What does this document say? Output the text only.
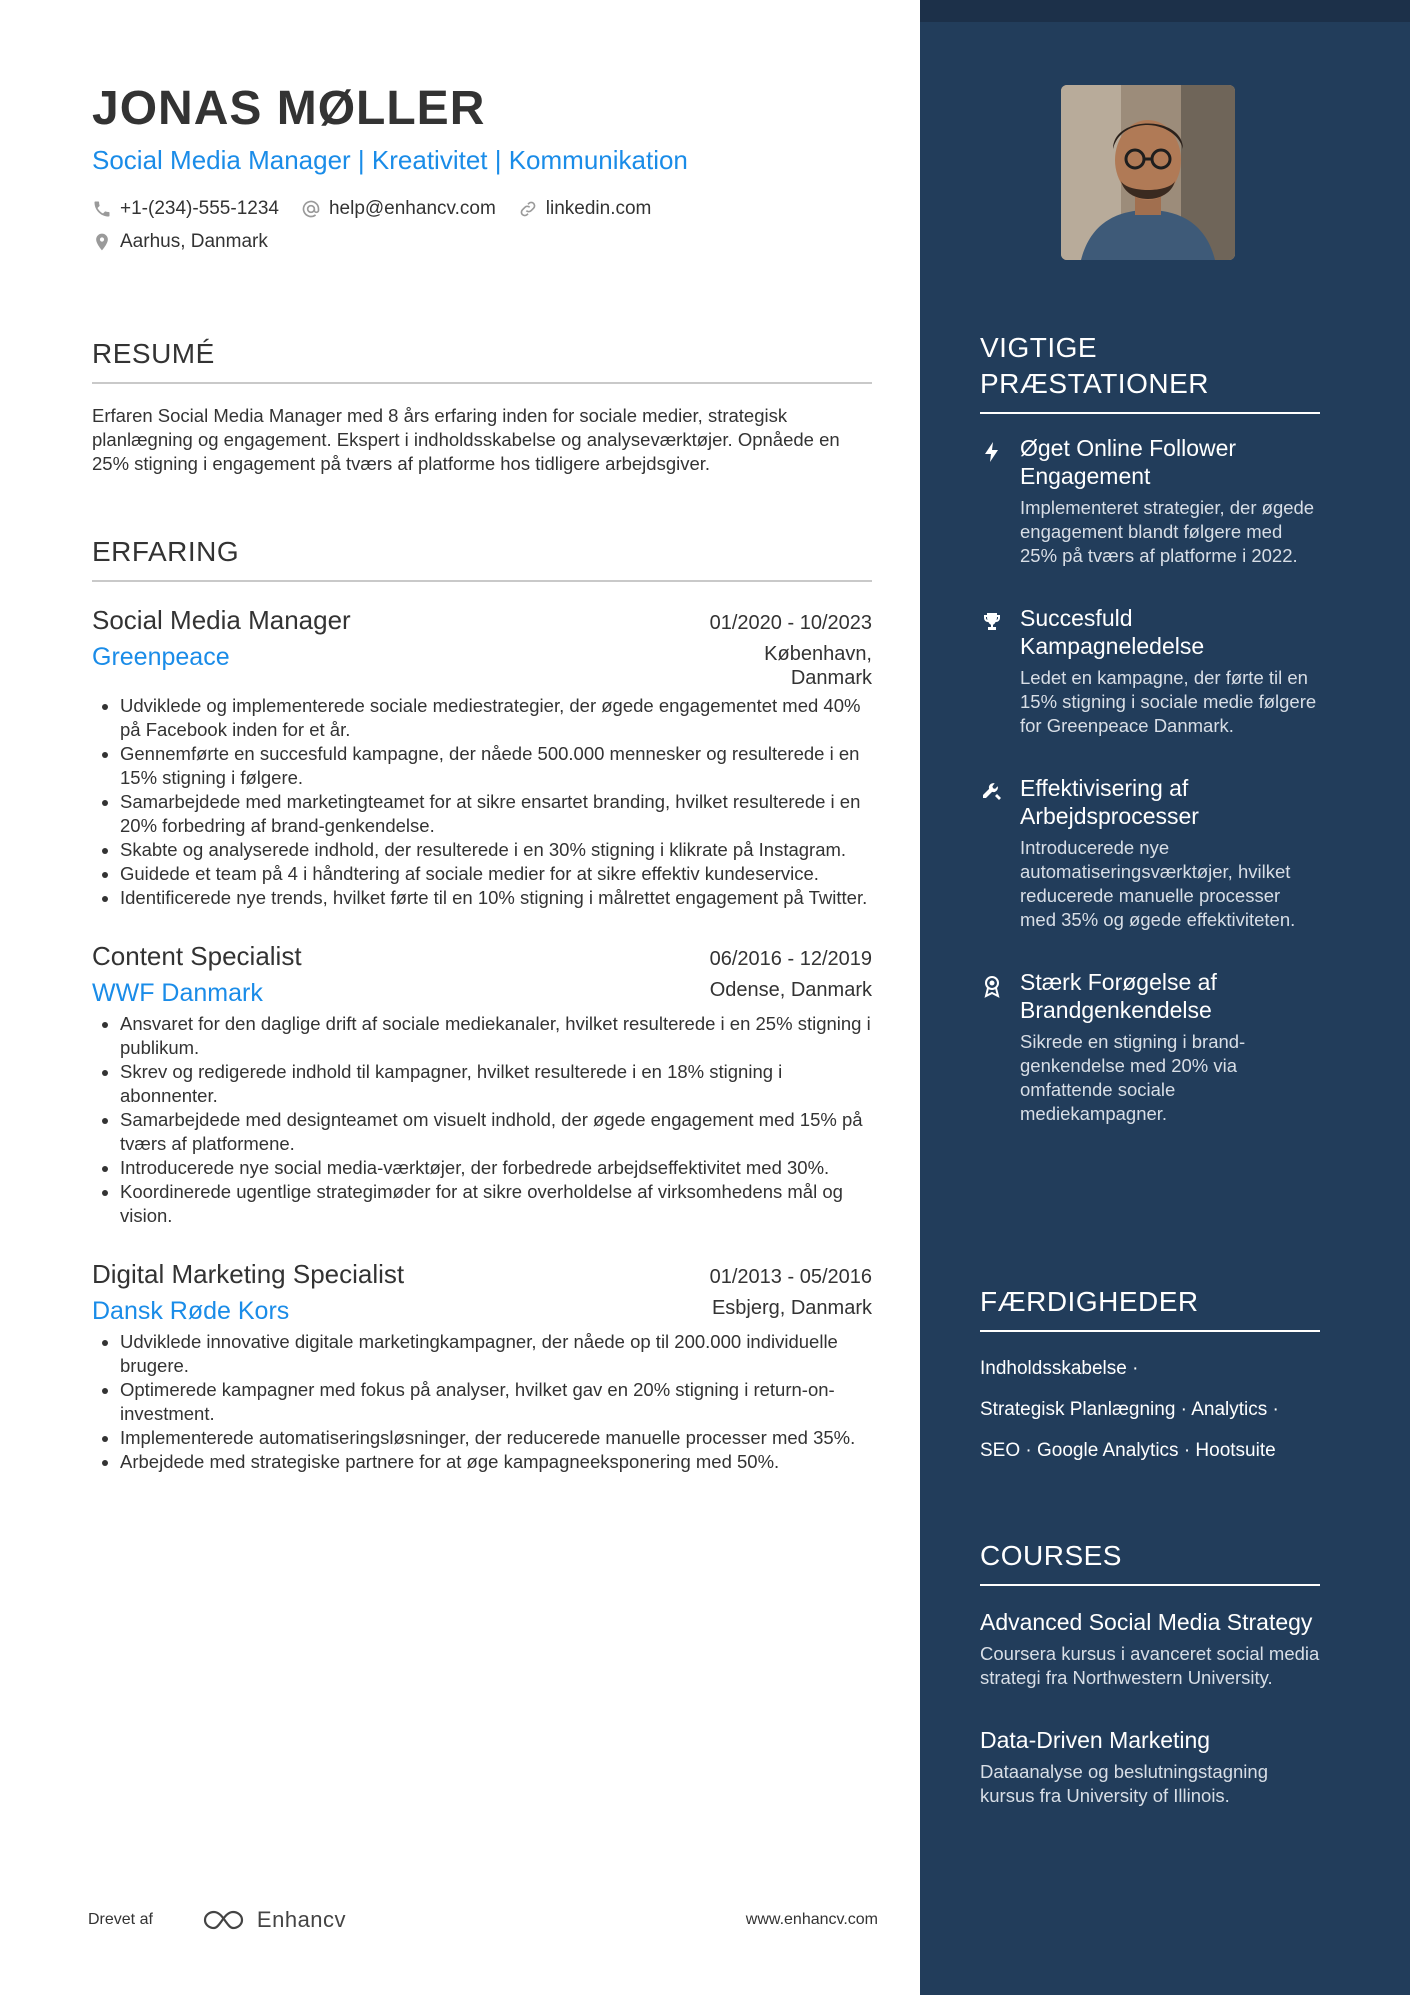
JONAS MØLLER
Social Media Manager | Kreativitet | Kommunikation
+1-(234)-555-1234	help@enhancv.com	linkedin.com
Aarhus, Danmark
RESUMÉ
Erfaren Social Media Manager med 8 års erfaring inden for sociale medier, strategisk planlægning og engagement. Ekspert i indholdsskabelse og analyseværktøjer. Opnåede en 25% stigning i engagement på tværs af platforme hos tidligere arbejdsgiver.
ERFARING
Social Media Manager	01/2020 - 10/2023
Greenpeace	København, Danmark
• Udviklede og implementerede sociale mediestrategier, der øgede engagementet med 40% på Facebook inden for et år.
• Gennemførte en succesfuld kampagne, der nåede 500.000 mennesker og resulterede i en 15% stigning i følgere.
• Samarbejdede med marketingteamet for at sikre ensartet branding, hvilket resulterede i en 20% forbedring af brand-genkendelse.
• Skabte og analyserede indhold, der resulterede i en 30% stigning i klikrate på Instagram.
• Guidede et team på 4 i håndtering af sociale medier for at sikre effektiv kundeservice.
• Identificerede nye trends, hvilket førte til en 10% stigning i målrettet engagement på Twitter.
Content Specialist	06/2016 - 12/2019
WWF Danmark	Odense, Danmark
• Ansvaret for den daglige drift af sociale mediekanaler, hvilket resulterede i en 25% stigning i publikum.
• Skrev og redigerede indhold til kampagner, hvilket resulterede i en 18% stigning i abonnenter.
• Samarbejdede med designteamet om visuelt indhold, der øgede engagement med 15% på tværs af platformene.
• Introducerede nye social media-værktøjer, der forbedrede arbejdseffektivitet med 30%.
• Koordinerede ugentlige strategimøder for at sikre overholdelse af virksomhedens mål og vision.
Digital Marketing Specialist	01/2013 - 05/2016
Dansk Røde Kors	Esbjerg, Danmark
• Udviklede innovative digitale marketingkampagner, der nåede op til 200.000 individuelle brugere.
• Optimerede kampagner med fokus på analyser, hvilket gav en 20% stigning i return-on-investment.
• Implementerede automatiseringsløsninger, der reducerede manuelle processer med 35%.
• Arbejdede med strategiske partnere for at øge kampagneeksponering med 50%.
Drevet af	Enhancv	www.enhancv.com
VIGTIGE PRÆSTATIONER
Øget Online Follower Engagement
Implementeret strategier, der øgede engagement blandt følgere med 25% på tværs af platforme i 2022.
Succesfuld Kampagneledelse
Ledet en kampagne, der førte til en 15% stigning i sociale medie følgere for Greenpeace Danmark.
Effektivisering af Arbejdsprocesser
Introducerede nye automatiseringsværktøjer, hvilket reducerede manuelle processer med 35% og øgede effektiviteten.
Stærk Forøgelse af Brandgenkendelse
Sikrede en stigning i brand-genkendelse med 20% via omfattende sociale mediekampagner.
FÆRDIGHEDER
Indholdsskabelse ·
Strategisk Planlægning · Analytics ·
SEO · Google Analytics · Hootsuite
COURSES
Advanced Social Media Strategy
Coursera kursus i avanceret social media strategi fra Northwestern University.
Data-Driven Marketing
Dataanalyse og beslutningstagning kursus fra University of Illinois.
